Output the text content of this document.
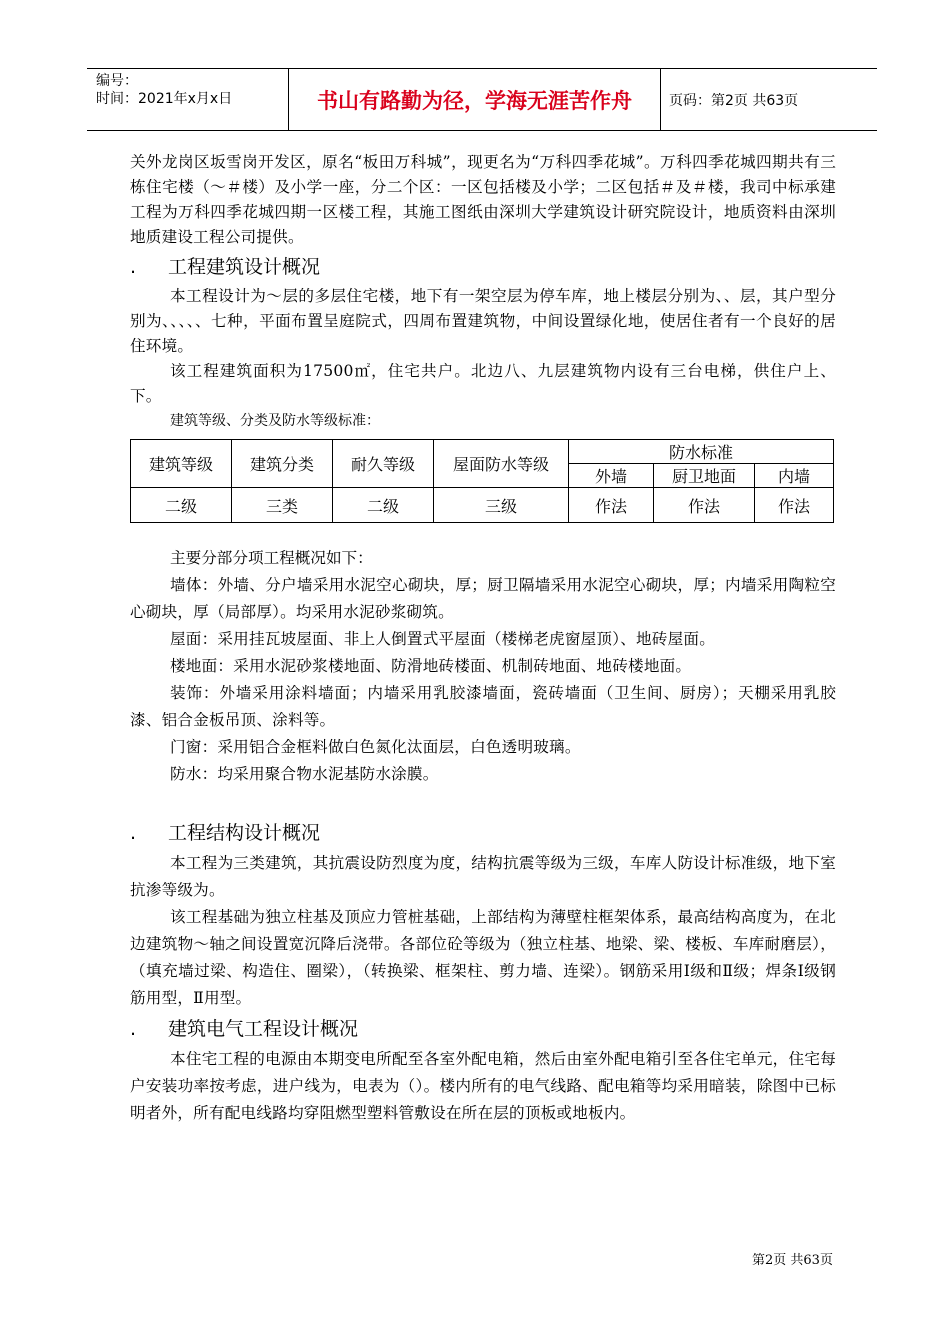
编号：
时间：2021年x月x日	书山有路勤为径，学海无涯苦作舟	页码：第2页 共63页

关外龙岗区坂雪岗开发区，原名“板田万科城”，现更名为“万科四季花城”。万科四季花城四期共有三栋住宅楼（～＃楼）及小学一座，分二个区：一区包括楼及小学；二区包括＃及＃楼，我司中标承建工程为万科四季花城四期一区楼工程，其施工图纸由深圳大学建筑设计研究院设计，地质资料由深圳地质建设工程公司提供。

.	工程建筑设计概况

本工程设计为～层的多层住宅楼，地下有一架空层为停车库，地上楼层分别为、、层，其户型分别为、、、、、七种，平面布置呈庭院式，四周布置建筑物，中间设置绿化地，使居住者有一个良好的居住环境。

该工程建筑面积为17500㎡，住宅共户。北边八、九层建筑物内设有三台电梯，供住户上、下。

建筑等级、分类及防水等级标准：

建筑等级	建筑分类	耐久等级	屋面防水等级	防水标准		
				外墙	厨卫地面	内墙
二级	三类	二级	三级	作法	作法	作法

主要分部分项工程概况如下：

墙体：外墙、分户墙采用水泥空心砌块，厚；厨卫隔墙采用水泥空心砌块，厚；内墙采用陶粒空心砌块，厚（局部厚）。均采用水泥砂浆砌筑。

屋面：采用挂瓦坡屋面、非上人倒置式平屋面（楼梯老虎窗屋顶）、地砖屋面。

楼地面：采用水泥砂浆楼地面、防滑地砖楼面、机制砖地面、地砖楼地面。

装饰：外墙采用涂料墙面；内墙采用乳胶漆墙面，瓷砖墙面（卫生间、厨房）；天棚采用乳胶漆、铝合金板吊顶、涂料等。

门窗：采用铝合金框料做白色氮化汰面层，白色透明玻璃。

防水：均采用聚合物水泥基防水涂膜。

.	工程结构设计概况

本工程为三类建筑，其抗震设防烈度为度，结构抗震等级为三级，车库人防设计标准级，地下室抗渗等级为。

该工程基础为独立柱基及顶应力管桩基础，上部结构为薄壁柱框架体系，最高结构高度为，在北边建筑物～轴之间设置宽沉降后浇带。各部位砼等级为（独立柱基、地梁、梁、楼板、车库耐磨层），（填充墙过梁、构造住、圈梁），（转换梁、框架柱、剪力墙、连梁）。钢筋采用Ⅰ级和Ⅱ级；焊条Ⅰ级钢筋用型，Ⅱ用型。

.	建筑电气工程设计概况

本住宅工程的电源由本期变电所配至各室外配电箱，然后由室外配电箱引至各住宅单元，住宅每户安装功率按考虑，进户线为，电表为（）。楼内所有的电气线路、配电箱等均采用暗装，除图中已标明者外，所有配电线路均穿阻燃型塑料管敷设在所在层的顶板或地板内。

第2页 共63页
